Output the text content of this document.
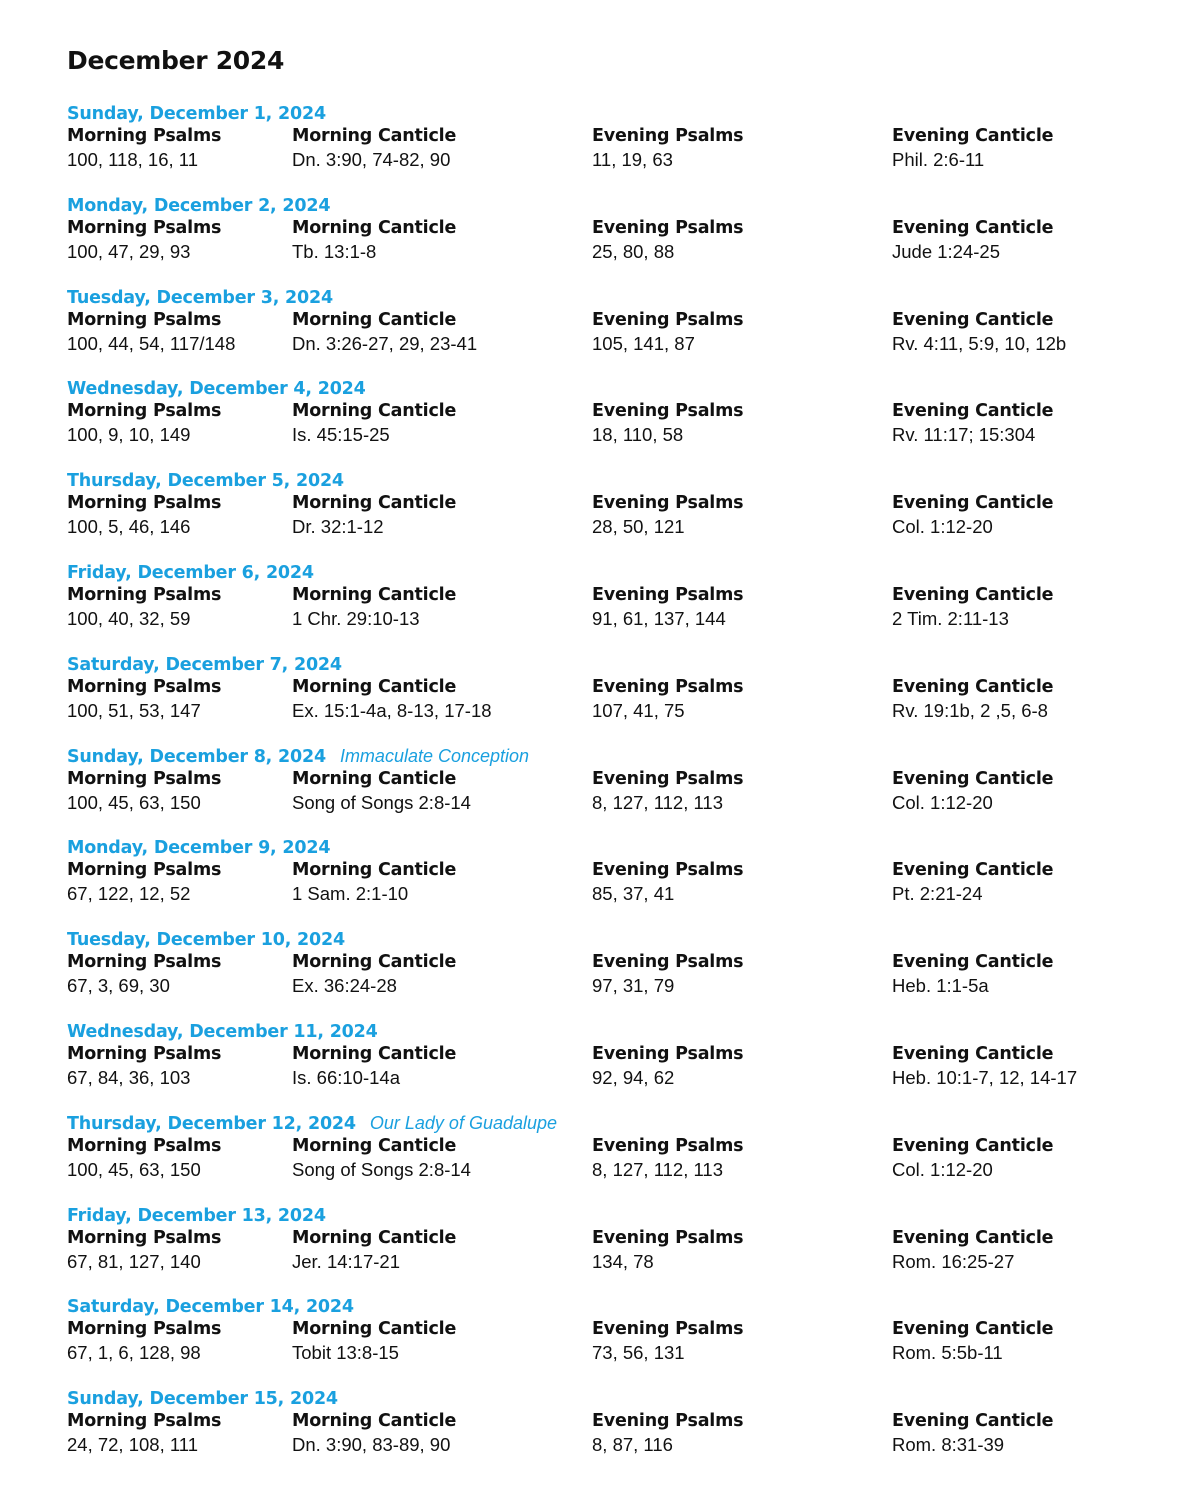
December 2024
Sunday, December 1, 2024
Morning Psalms	Morning Canticle	Evening Psalms	Evening Canticle
100, 118, 16, 11	Dn. 3:90, 74-82, 90	11, 19, 63	Phil. 2:6-11
Monday, December 2, 2024
Morning Psalms	Morning Canticle	Evening Psalms	Evening Canticle
100, 47, 29, 93	Tb. 13:1-8	25, 80, 88	Jude 1:24-25
Tuesday, December 3, 2024
Morning Psalms	Morning Canticle	Evening Psalms	Evening Canticle
100, 44, 54, 117/148	Dn. 3:26-27, 29, 23-41	105, 141, 87	Rv. 4:11, 5:9, 10, 12b
Wednesday, December 4, 2024
Morning Psalms	Morning Canticle	Evening Psalms	Evening Canticle
100, 9, 10, 149	Is. 45:15-25	18, 110, 58	Rv. 11:17; 15:304
Thursday, December 5, 2024
Morning Psalms	Morning Canticle	Evening Psalms	Evening Canticle
100, 5, 46, 146	Dr. 32:1-12	28, 50, 121	Col. 1:12-20
Friday, December 6, 2024
Morning Psalms	Morning Canticle	Evening Psalms	Evening Canticle
100, 40, 32, 59	1 Chr. 29:10-13	91, 61, 137, 144	2 Tim. 2:11-13
Saturday, December 7, 2024
Morning Psalms	Morning Canticle	Evening Psalms	Evening Canticle
100, 51, 53, 147	Ex. 15:1-4a, 8-13, 17-18	107, 41, 75	Rv. 19:1b, 2 ,5, 6-8
Sunday, December 8, 2024 Immaculate Conception
Morning Psalms	Morning Canticle	Evening Psalms	Evening Canticle
100, 45, 63, 150	Song of Songs 2:8-14	8, 127, 112, 113	Col. 1:12-20
Monday, December 9, 2024
Morning Psalms	Morning Canticle	Evening Psalms	Evening Canticle
67, 122, 12, 52	1 Sam. 2:1-10	85, 37, 41	Pt. 2:21-24
Tuesday, December 10, 2024
Morning Psalms	Morning Canticle	Evening Psalms	Evening Canticle
67, 3, 69, 30	Ex. 36:24-28	97, 31, 79	Heb. 1:1-5a
Wednesday, December 11, 2024
Morning Psalms	Morning Canticle	Evening Psalms	Evening Canticle
67, 84, 36, 103	Is. 66:10-14a	92, 94, 62	Heb. 10:1-7, 12, 14-17
Thursday, December 12, 2024 Our Lady of Guadalupe
Morning Psalms	Morning Canticle	Evening Psalms	Evening Canticle
100, 45, 63, 150	Song of Songs 2:8-14	8, 127, 112, 113	Col. 1:12-20
Friday, December 13, 2024
Morning Psalms	Morning Canticle	Evening Psalms	Evening Canticle
67, 81, 127, 140	Jer. 14:17-21	134, 78	Rom. 16:25-27
Saturday, December 14, 2024
Morning Psalms	Morning Canticle	Evening Psalms	Evening Canticle
67, 1, 6, 128, 98	Tobit 13:8-15	73, 56, 131	Rom. 5:5b-11
Sunday, December 15, 2024
Morning Psalms	Morning Canticle	Evening Psalms	Evening Canticle
24, 72, 108, 111	Dn. 3:90, 83-89, 90	8, 87, 116	Rom. 8:31-39
